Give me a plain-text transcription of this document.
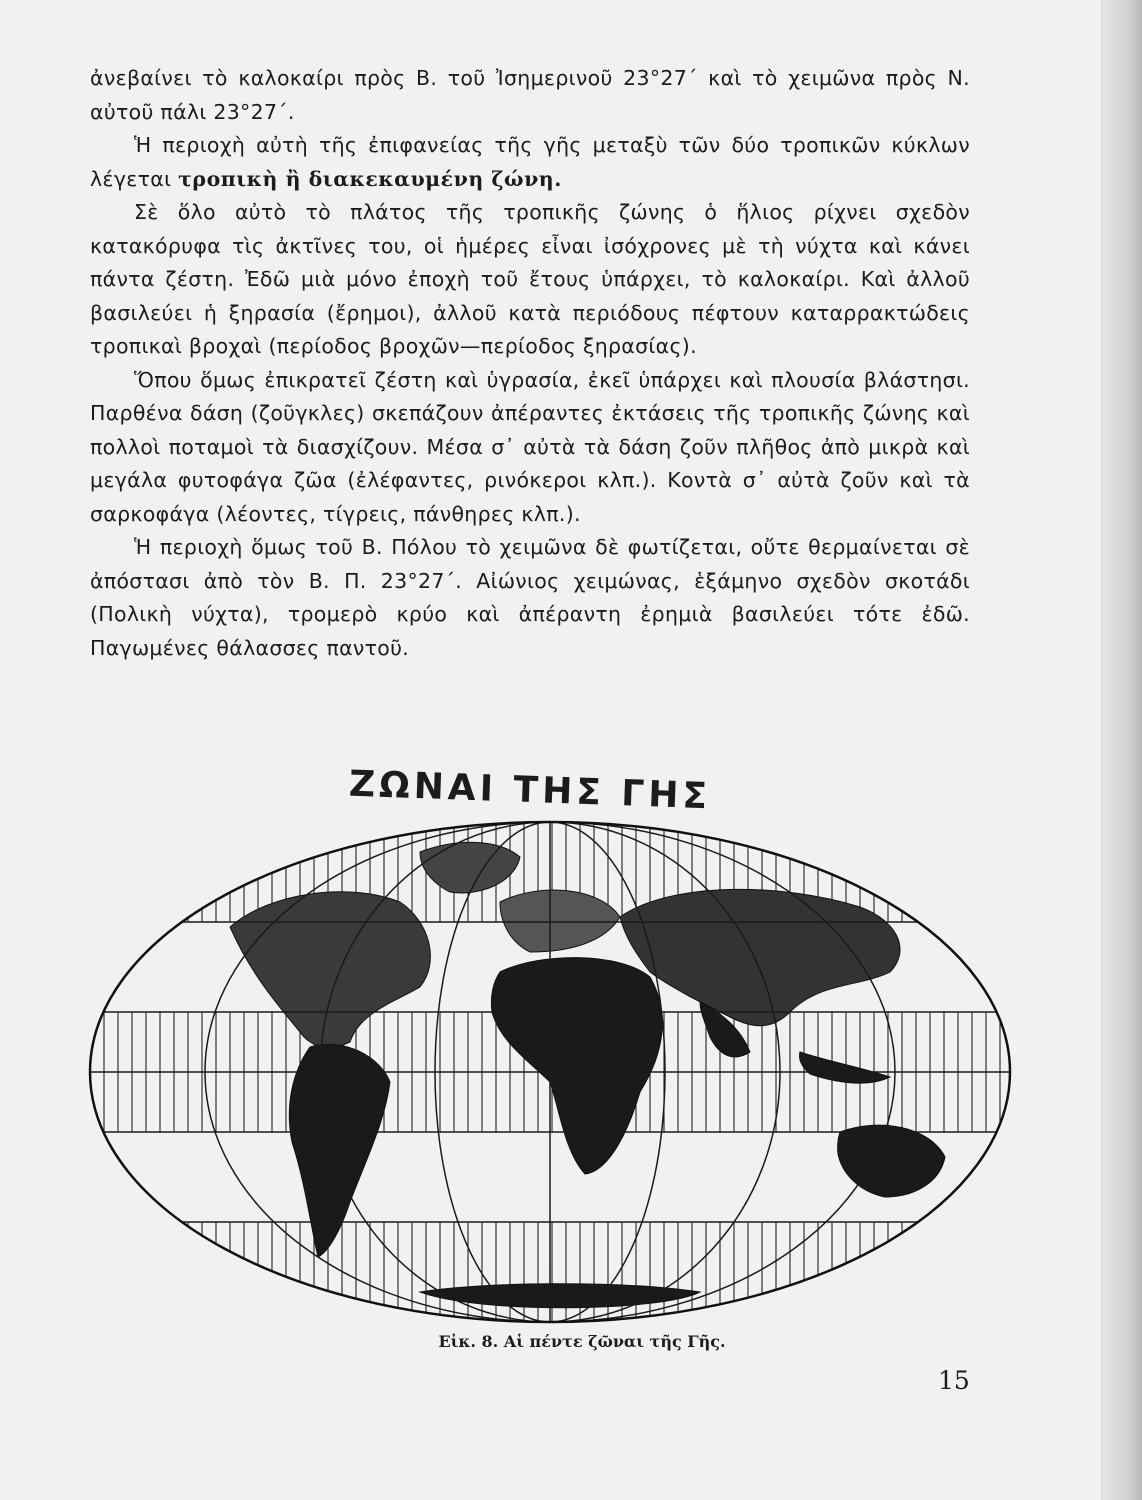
ἀνεβαίνει τὸ καλοκαίρι πρὸς Β. τοῦ Ἰσημερινοῦ 23°27΄ καὶ τὸ χειμῶνα πρὸς Ν. αὐτοῦ πάλι 23°27΄.

Ἡ περιοχὴ αὐτὴ τῆς ἐπιφανείας τῆς γῆς μεταξὺ τῶν δύο τροπικῶν κύκλων λέγεται τροπικὴ ἢ διακεκαυμένη ζώνη.

Σὲ ὅλο αὐτὸ τὸ πλάτος τῆς τροπικῆς ζώνης ὁ ἥλιος ρίχνει σχεδὸν κατακόρυφα τὶς ἀκτῖνες του, οἱ ἡμέρες εἶναι ἰσόχρονες μὲ τὴ νύχτα καὶ κάνει πάντα ζέστη. Ἐδῶ μιὰ μόνο ἐποχὴ τοῦ ἔτους ὑπάρχει, τὸ καλοκαίρι. Καὶ ἀλλοῦ βασιλεύει ἡ ξηρασία (ἔρημοι), ἀλλοῦ κατὰ περιόδους πέφτουν καταρρακτώδεις τροπικαὶ βροχαὶ (περίοδος βροχῶν—περίοδος ξηρασίας).

Ὅπου ὅμως ἐπικρατεῖ ζέστη καὶ ὑγρασία, ἐκεῖ ὑπάρχει καὶ πλουσία βλάστησι. Παρθένα δάση (ζοῦγκλες) σκεπάζουν ἀπέραντες ἐκτάσεις τῆς τροπικῆς ζώνης καὶ πολλοὶ ποταμοὶ τὰ διασχίζουν. Μέσα σ᾽ αὐτὰ τὰ δάση ζοῦν πλῆθος ἀπὸ μικρὰ καὶ μεγάλα φυτοφάγα ζῶα (ἐλέφαντες, ρινόκεροι κλπ.). Κοντὰ σ᾽ αὐτὰ ζοῦν καὶ τὰ σαρκοφάγα (λέοντες, τίγρεις, πάνθηρες κλπ.).

Ἡ περιοχὴ ὅμως τοῦ Β. Πόλου τὸ χειμῶνα δὲ φωτίζεται, οὔτε θερμαίνεται σὲ ἀπόστασι ἀπὸ τὸν Β. Π. 23°27΄. Αἰώνιος χειμώνας, ἑξάμηνο σχεδὸν σκοτάδι (Πολικὴ νύχτα), τρομερὸ κρύο καὶ ἀπέραντη ἐρημιὰ βασιλεύει τότε ἐδῶ. Παγωμένες θάλασσες παντοῦ.

ΖΩΝΑΙ ΤΗΣ ΓΗΣ
Εἰκ. 8. Αἱ πέντε ζῶναι τῆς Γῆς.
15
